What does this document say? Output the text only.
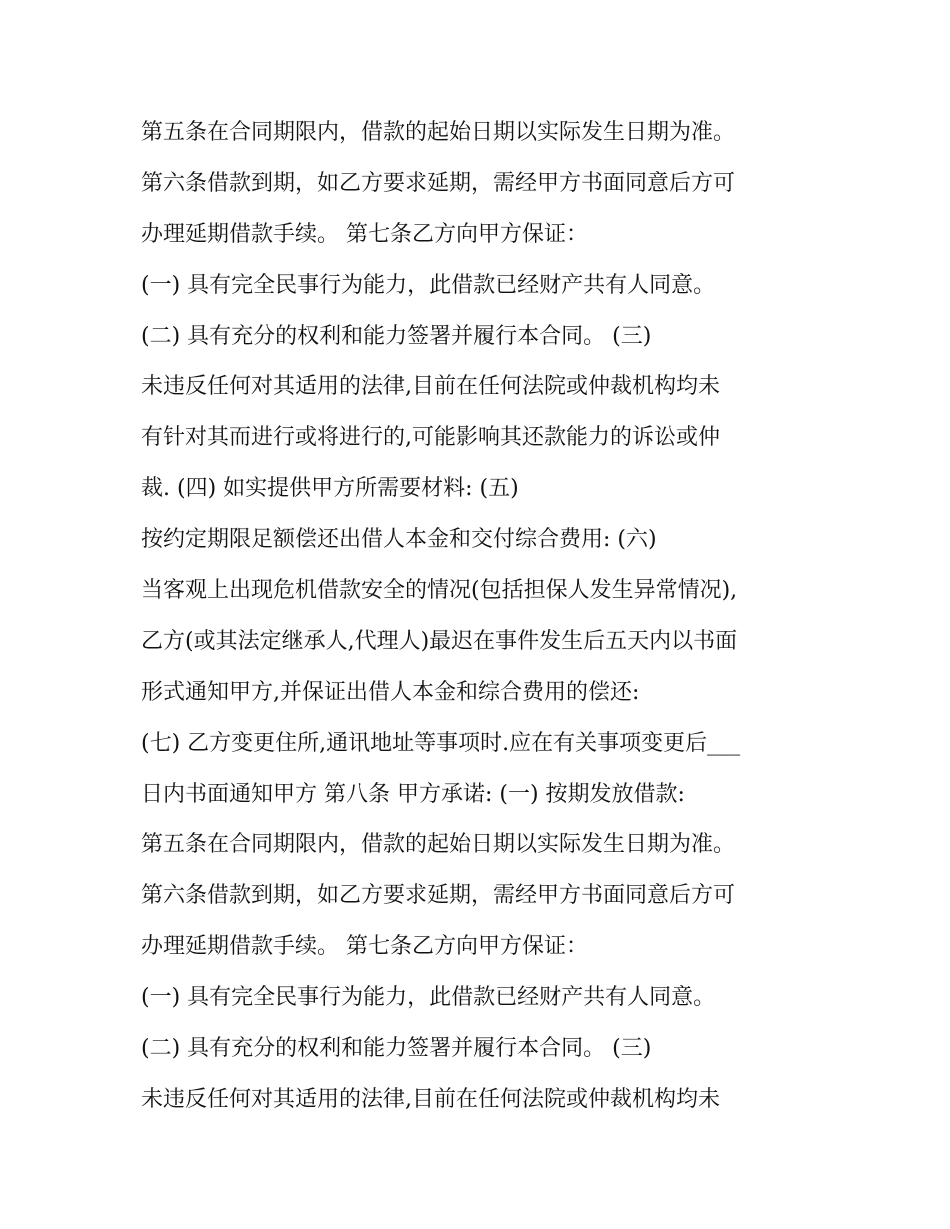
第五条在合同期限内，借款的起始日期以实际发生日期为准。
第六条借款到期，如乙方要求延期，需经甲方书面同意后方可
办理延期借款手续。 第七条乙方向甲方保证：
(一) 具有完全民事行为能力，此借款已经财产共有人同意。
(二) 具有充分的权利和能力签署并履行本合同。 (三)
未违反任何对其适用的法律,目前在任何法院或仲裁机构均未
有针对其而进行或将进行的,可能影响其还款能力的诉讼或仲
裁. (四) 如实提供甲方所需要材料: (五)
按约定期限足额偿还出借人本金和交付综合费用: (六)
当客观上出现危机借款安全的情况(包括担保人发生异常情况),
乙方(或其法定继承人,代理人)最迟在事件发生后五天内以书面
形式通知甲方,并保证出借人本金和综合费用的偿还:
(七) 乙方变更住所,通讯地址等事项时.应在有关事项变更后___
日内书面通知甲方 第八条 甲方承诺: (一) 按期发放借款:
第五条在合同期限内，借款的起始日期以实际发生日期为准。
第六条借款到期，如乙方要求延期，需经甲方书面同意后方可
办理延期借款手续。 第七条乙方向甲方保证：
(一) 具有完全民事行为能力，此借款已经财产共有人同意。
(二) 具有充分的权利和能力签署并履行本合同。 (三)
未违反任何对其适用的法律,目前在任何法院或仲裁机构均未
